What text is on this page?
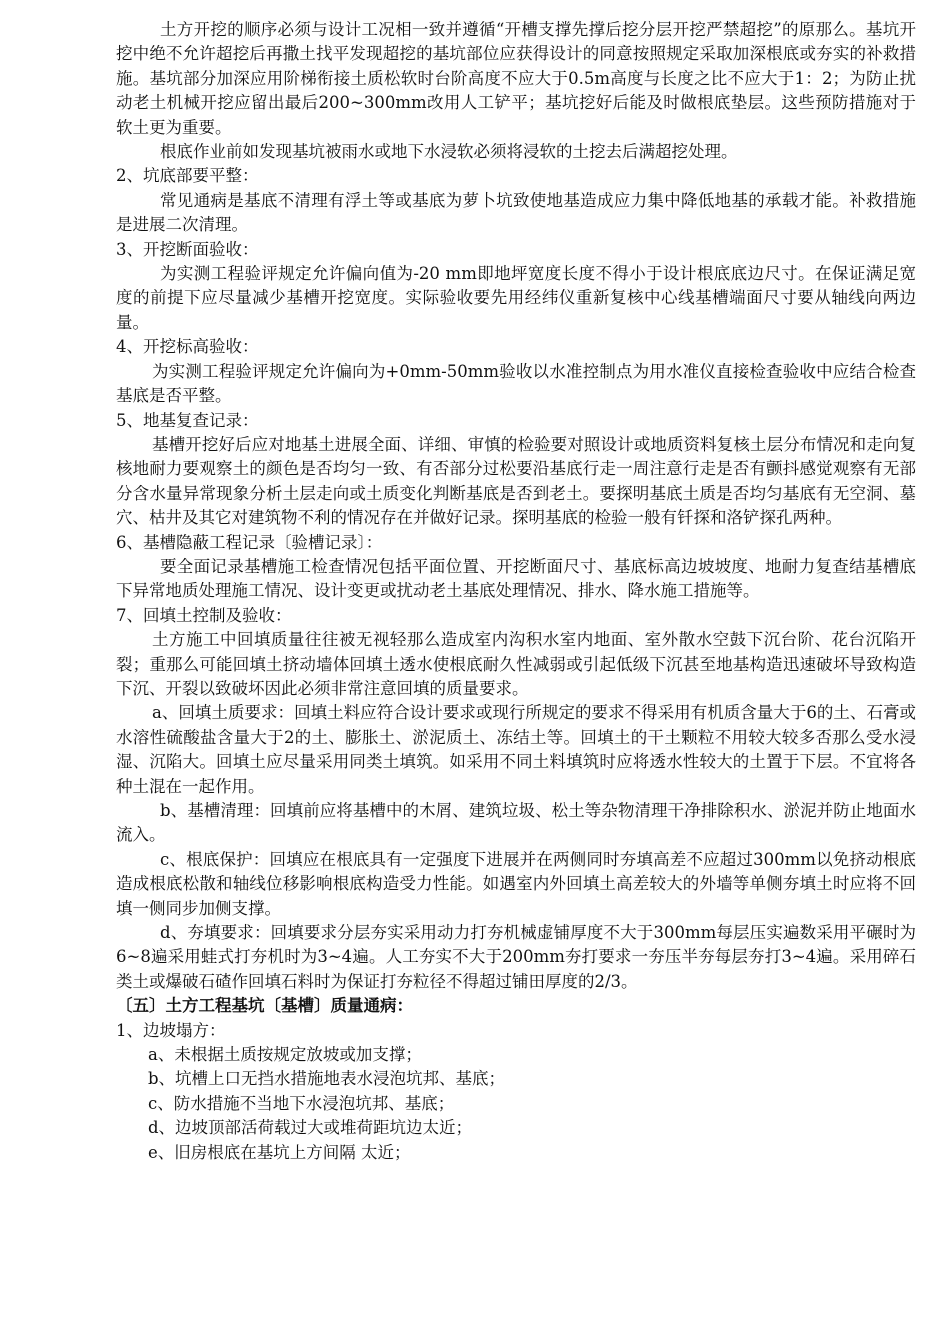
土方开挖的顺序必须与设计工况相一致并遵循“开槽支撑先撑后挖分层开挖严禁超挖”的原那么。基坑开挖中绝不允许超挖后再撒土找平发现超挖的基坑部位应获得设计的同意按照规定采取加深根底或夯实的补救措施。基坑部分加深应用阶梯衔接土质松软时台阶高度不应大于0.5m高度与长度之比不应大于1：2；为防止扰动老土机械开挖应留出最后200~300mm改用人工铲平；基坑挖好后能及时做根底垫层。这些预防措施对于软土更为重要。

根底作业前如发现基坑被雨水或地下水浸软必须将浸软的土挖去后满超挖处理。

2、坑底部要平整：

常见通病是基底不清理有浮土等或基底为萝卜坑致使地基造成应力集中降低地基的承载才能。补救措施是进展二次清理。

3、开挖断面验收：

为实测工程验评规定允许偏向值为-20 mm即地坪宽度长度不得小于设计根底底边尺寸。在保证满足宽度的前提下应尽量减少基槽开挖宽度。实际验收要先用经纬仪重新复核中心线基槽端面尺寸要从轴线向两边量。

4、开挖标高验收：

为实测工程验评规定允许偏向为+0mm-50mm验收以水准控制点为用水准仪直接检查验收中应结合检查基底是否平整。

5、地基复查记录：

基槽开挖好后应对地基土进展全面、详细、审慎的检验要对照设计或地质资料复核土层分布情况和走向复核地耐力要观察土的颜色是否均匀一致、有否部分过松要沿基底行走一周注意行走是否有颤抖感觉观察有无部分含水量异常现象分析土层走向或土质变化判断基底是否到老土。要探明基底土质是否均匀基底有无空洞、墓穴、枯井及其它对建筑物不利的情况存在并做好记录。探明基底的检验一般有钎探和洛铲探孔两种。

6、基槽隐蔽工程记录〔验槽记录〕：

要全面记录基槽施工检查情况包括平面位置、开挖断面尺寸、基底标高边坡坡度、地耐力复查结基槽底下异常地质处理施工情况、设计变更或扰动老土基底处理情况、排水、降水施工措施等。

7、回填土控制及验收：

土方施工中回填质量往往被无视轻那么造成室内沟积水室内地面、室外散水空鼓下沉台阶、花台沉陷开裂；重那么可能回填土挤动墙体回填土透水使根底耐久性减弱或引起低级下沉甚至地基构造迅速破坏导致构造下沉、开裂以致破坏因此必须非常注意回填的质量要求。

a、回填土质要求：回填土料应符合设计要求或现行所规定的要求不得采用有机质含量大于6的土、石膏或水溶性硫酸盐含量大于2的土、膨胀土、淤泥质土、冻结土等。回填土的干土颗粒不用较大较多否那么受水浸湿、沉陷大。回填土应尽量采用同类土填筑。如采用不同土料填筑时应将透水性较大的土置于下层。不宜将各种土混在一起作用。

b、基槽清理：回填前应将基槽中的木屑、建筑垃圾、松土等杂物清理干净排除积水、淤泥并防止地面水流入。

c、根底保护：回填应在根底具有一定强度下进展并在两侧同时夯填高差不应超过300mm以免挤动根底造成根底松散和轴线位移影响根底构造受力性能。如遇室内外回填土高差较大的外墙等单侧夯填土时应将不回填一侧同步加侧支撑。

d、夯填要求：回填要求分层夯实采用动力打夯机械虚铺厚度不大于300mm每层压实遍数采用平碾时为6~8遍采用蛙式打夯机时为3~4遍。人工夯实不大于200mm夯打要求一夯压半夯每层夯打3~4遍。采用碎石类土或爆破石碴作回填石料时为保证打夯粒径不得超过铺田厚度的2/3。

〔五〕土方工程基坑〔基槽〕质量通病：

1、边坡塌方：

a、未根据土质按规定放坡或加支撑；

b、坑槽上口无挡水措施地表水浸泡坑邦、基底；

c、防水措施不当地下水浸泡坑邦、基底；

d、边坡顶部活荷载过大或堆荷距坑边太近；

e、旧房根底在基坑上方间隔 太近；
